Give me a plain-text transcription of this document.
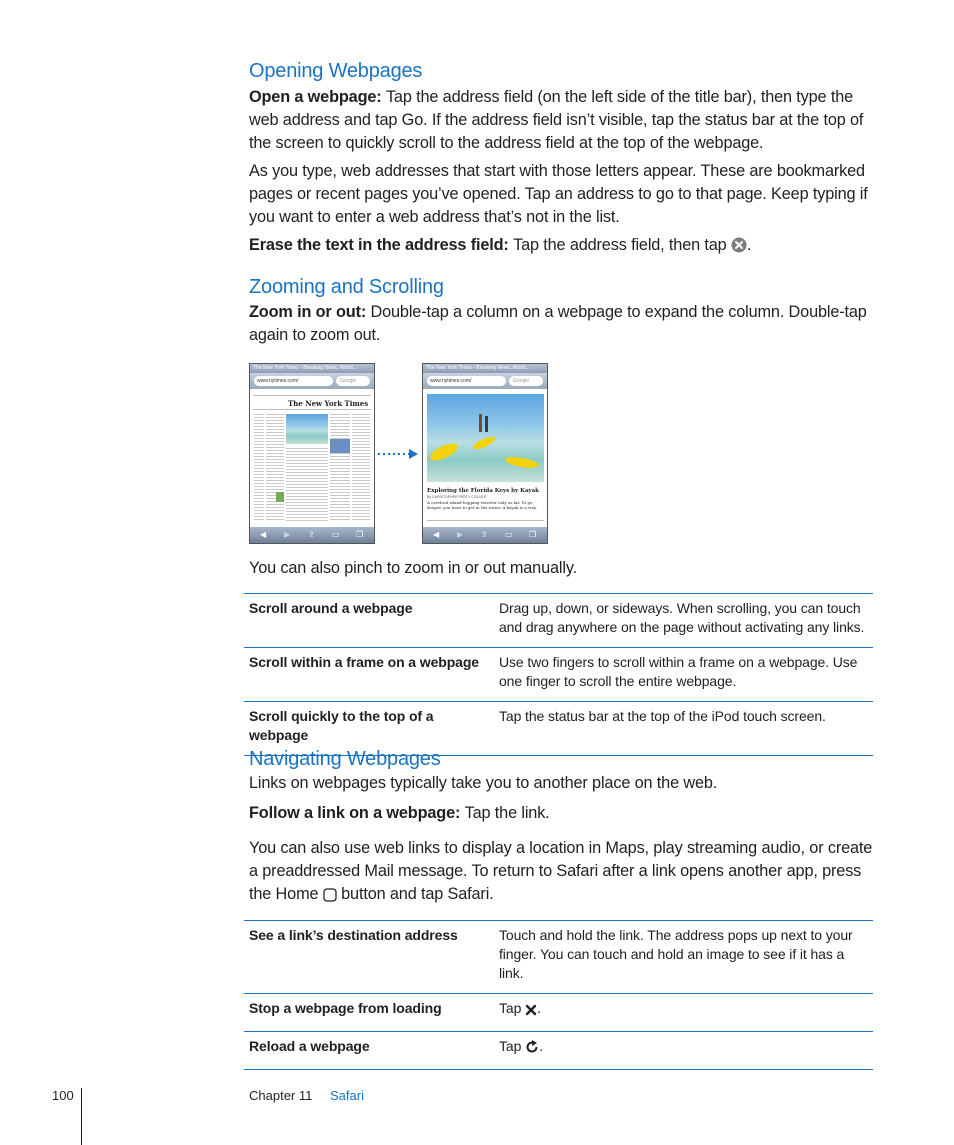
Opening Webpages

Open a webpage: Tap the address field (on the left side of the title bar), then type the web address and tap Go. If the address field isn’t visible, tap the status bar at the top of the screen to quickly scroll to the address field at the top of the webpage.

As you type, web addresses that start with those letters appear. These are bookmarked pages or recent pages you’ve opened. Tap an address to go to that page. Keep typing if you want to enter a web address that’s not in the list.

Erase the text in the address field: Tap the address field, then tap .

Zooming and Scrolling

Zoom in or out: Double-tap a column on a webpage to expand the column. Double-tap again to zoom out.

The New York Times - Breaking News, World...
www.nytimes.com/	Google
The New York Times
◀ ▶ ⇪ ▭ ❐
The New York Times - Breaking News, World...
www.nytimes.com/	Google
Exploring the Florida Keys by Kayak
By CHRISTOPHER PERCY COLLIER
A cerebral island-hopping traveler only so far. To go deeper, you have to get in the water. A kayak is a way.
◀ ▶ ⇪ ▭ ❐

You can also pinch to zoom in or out manually.

Scroll around a webpage	Drag up, down, or sideways. When scrolling, you can touch and drag anywhere on the page without activating any links.
Scroll within a frame on a webpage	Use two fingers to scroll within a frame on a webpage. Use one finger to scroll the entire webpage.
Scroll quickly to the top of a webpage	Tap the status bar at the top of the iPod touch screen.
Navigating Webpages

Links on webpages typically take you to another place on the web.

Follow a link on a webpage: Tap the link.

You can also use web links to display a location in Maps, play streaming audio, or create a preaddressed Mail message. To return to Safari after a link opens another app, press the Home button and tap Safari.

See a link’s destination address	Touch and hold the link. The address pops up next to your finger. You can touch and hold an image to see if it has a link.
Stop a webpage from loading	Tap .
Reload a webpage	Tap .
100	Chapter 11 Safari
